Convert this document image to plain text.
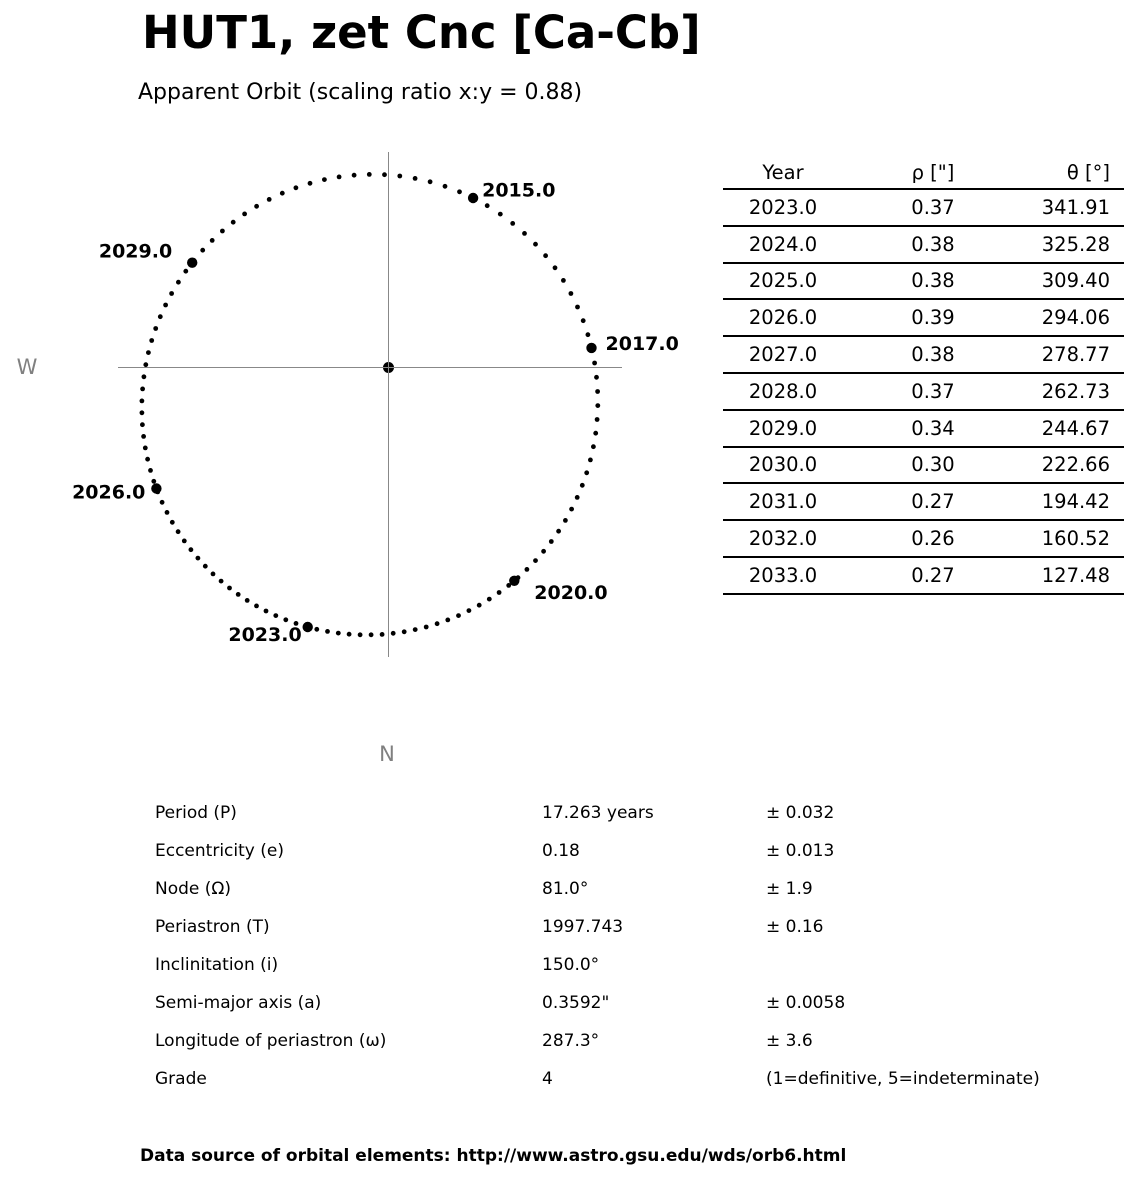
HUT1, zet Cnc [Ca-Cb]
Apparent Orbit (scaling ratio x:y = 0.88)
2015.0
2017.0
2020.0
2023.0
2026.0
2029.0
W
N
Year	ρ ["]	θ [°]
2023.0	0.37	341.91
2024.0	0.38	325.28
2025.0	0.38	309.40
2026.0	0.39	294.06
2027.0	0.38	278.77
2028.0	0.37	262.73
2029.0	0.34	244.67
2030.0	0.30	222.66
2031.0	0.27	194.42
2032.0	0.26	160.52
2033.0	0.27	127.48
Period (P)	17.263 years	± 0.032
Eccentricity (e)	0.18	± 0.013
Node (Ω)	81.0°	± 1.9
Periastron (T)	1997.743	± 0.16
Inclinitation (i)	150.0°
Semi-major axis (a)	0.3592"	± 0.0058
Longitude of periastron (ω)	287.3°	± 3.6
Grade	4	(1=definitive, 5=indeterminate)
Data source of orbital elements: http://www.astro.gsu.edu/wds/orb6.html
